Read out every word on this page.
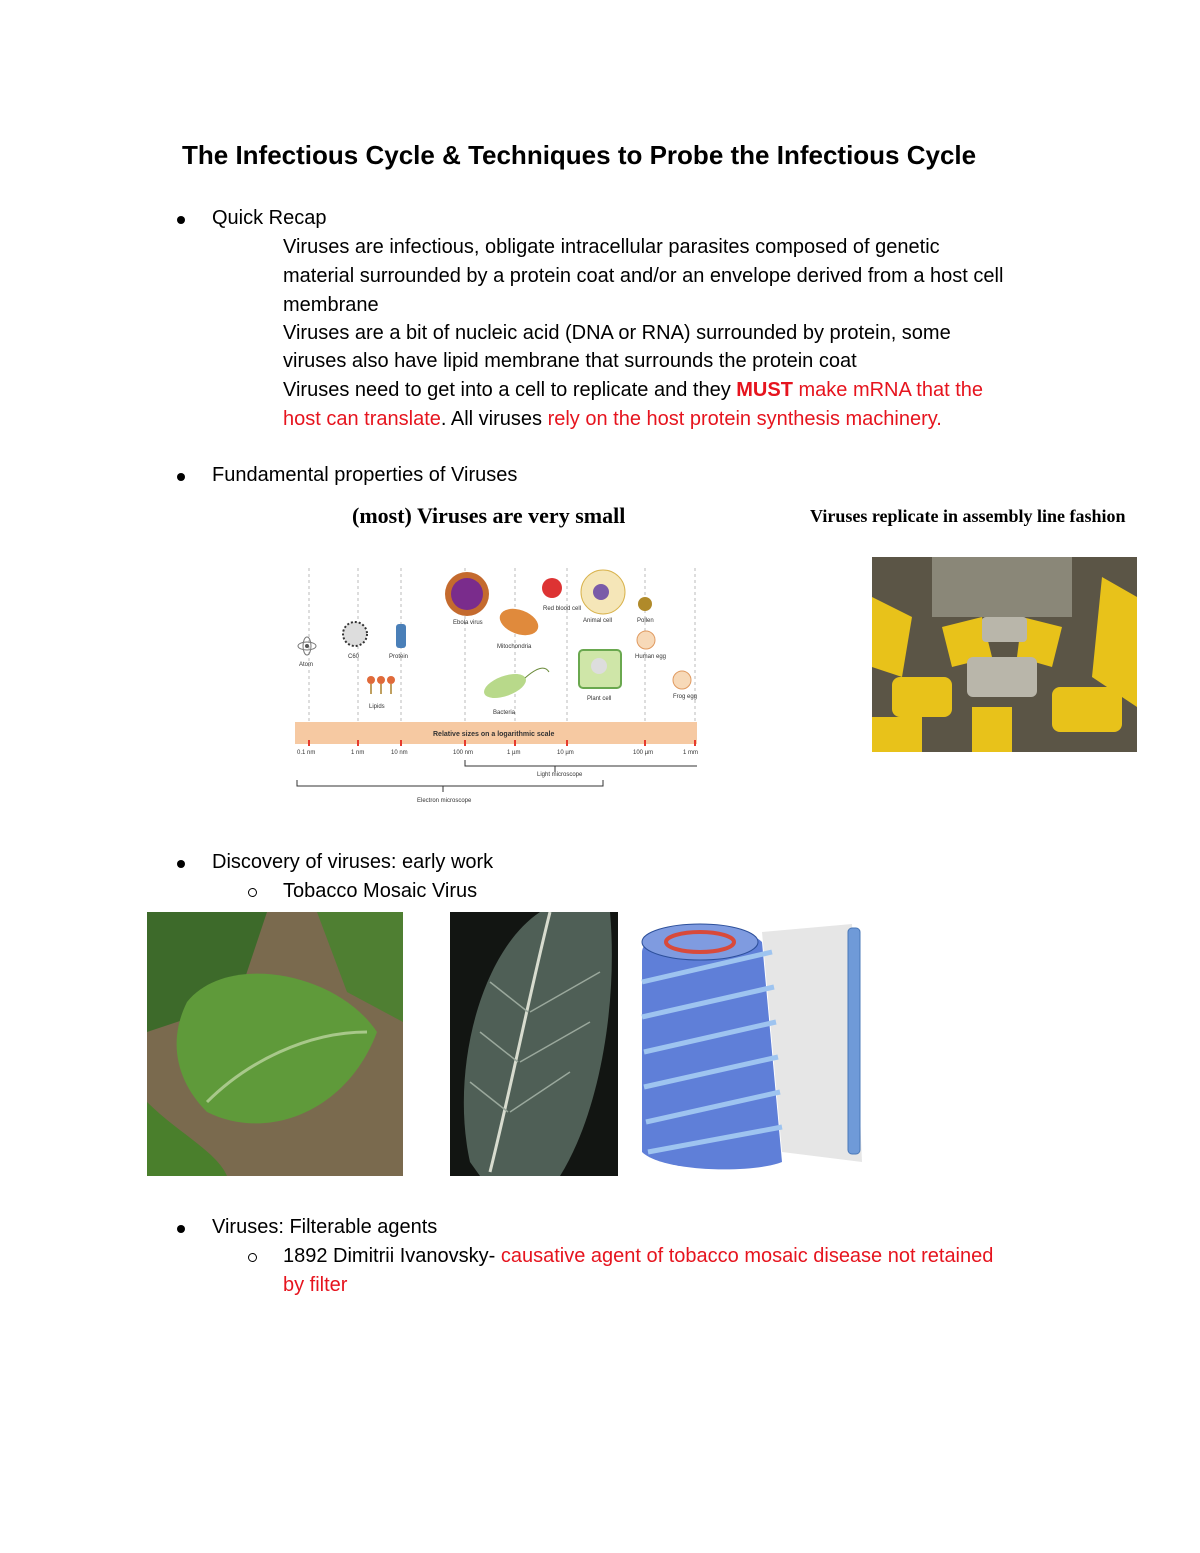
The Infectious Cycle & Techniques to Probe the Infectious Cycle
Quick Recap
Viruses are infectious, obligate intracellular parasites composed of genetic
material surrounded by a protein coat and/or an envelope derived from a host cell
membrane
Viruses are a bit of nucleic acid (DNA or RNA) surrounded by protein, some
viruses also have lipid membrane that surrounds the protein coat
Viruses need to get into a cell to replicate and they MUST make mRNA that the
host can translate. All viruses rely on the host protein synthesis machinery.
Fundamental properties of Viruses
(most) Viruses are very small	Viruses replicate in assembly line fashion
Atom
C60	Protein
Lipids
Ebola virus
Mitochondria
Bacteria
Red blood cell
Animal cell
Plant cell
Pollen
Human egg
Frog egg
Relative sizes on a logarithmic scale
0.1 nm	1 nm	10 nm	100 nm	1 µm	10 µm	100 µm	1 mm
Light microscope
Electron microscope
Discovery of viruses: early work
Tobacco Mosaic Virus
Viruses: Filterable agents
1892 Dimitrii Ivanovsky- causative agent of tobacco mosaic disease not retained
by filter
